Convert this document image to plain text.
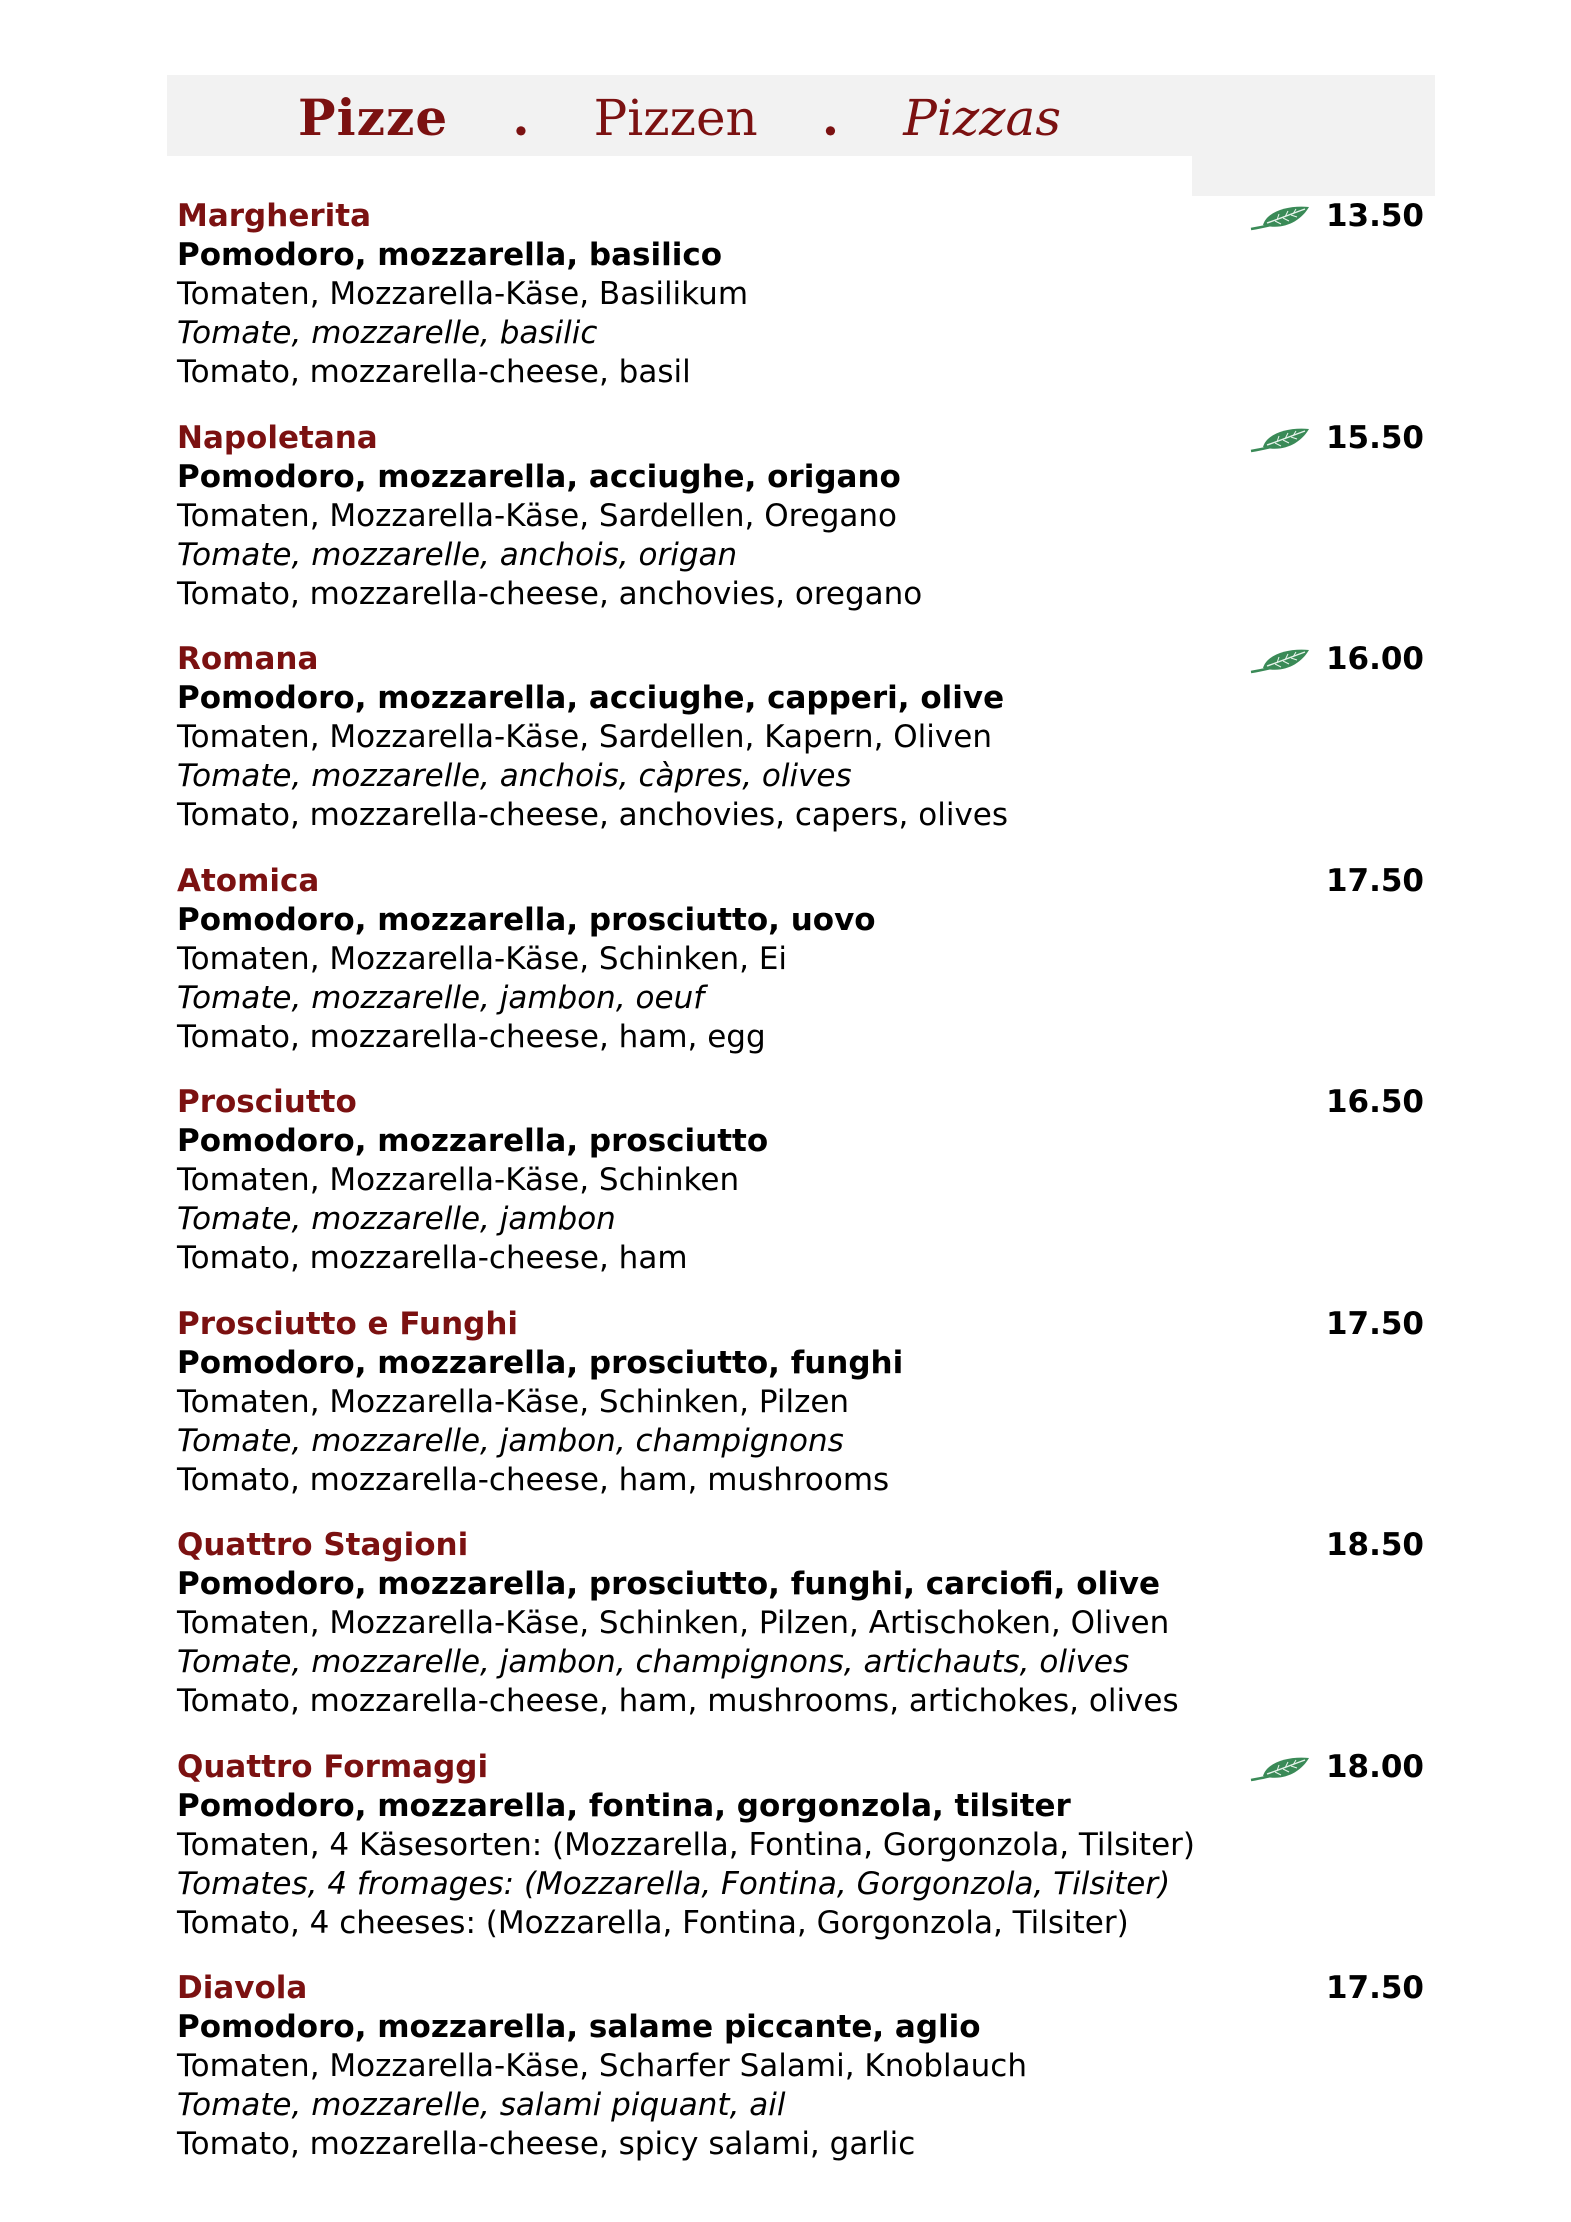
Pizze . Pizzen . Pizzas
Margherita
Pomodoro, mozzarella, basilico
Tomaten, Mozzarella-Käse, Basilikum
Tomate, mozzarelle, basilic
Tomato, mozzarella-cheese, basil
13.50
Napoletana
Pomodoro, mozzarella, acciughe, origano
Tomaten, Mozzarella-Käse, Sardellen, Oregano
Tomate, mozzarelle, anchois, origan
Tomato, mozzarella-cheese, anchovies, oregano
15.50
Romana
Pomodoro, mozzarella, acciughe, capperi, olive
Tomaten, Mozzarella-Käse, Sardellen, Kapern, Oliven
Tomate, mozzarelle, anchois, càpres, olives
Tomato, mozzarella-cheese, anchovies, capers, olives
16.00
Atomica
Pomodoro, mozzarella, prosciutto, uovo
Tomaten, Mozzarella-Käse, Schinken, Ei
Tomate, mozzarelle, jambon, oeuf
Tomato, mozzarella-cheese, ham, egg
17.50
Prosciutto
Pomodoro, mozzarella, prosciutto
Tomaten, Mozzarella-Käse, Schinken
Tomate, mozzarelle, jambon
Tomato, mozzarella-cheese, ham
16.50
Prosciutto e Funghi
Pomodoro, mozzarella, prosciutto, funghi
Tomaten, Mozzarella-Käse, Schinken, Pilzen
Tomate, mozzarelle, jambon, champignons
Tomato, mozzarella-cheese, ham, mushrooms
17.50
Quattro Stagioni
Pomodoro, mozzarella, prosciutto, funghi, carciofi, olive
Tomaten, Mozzarella-Käse, Schinken, Pilzen, Artischoken, Oliven
Tomate, mozzarelle, jambon, champignons, artichauts, olives
Tomato, mozzarella-cheese, ham, mushrooms, artichokes, olives
18.50
Quattro Formaggi
Pomodoro, mozzarella, fontina, gorgonzola, tilsiter
Tomaten, 4 Käsesorten: (Mozzarella, Fontina, Gorgonzola, Tilsiter)
Tomates, 4 fromages: (Mozzarella, Fontina, Gorgonzola, Tilsiter)
Tomato, 4 cheeses: (Mozzarella, Fontina, Gorgonzola, Tilsiter)
18.00
Diavola
Pomodoro, mozzarella, salame piccante, aglio
Tomaten, Mozzarella-Käse, Scharfer Salami, Knoblauch
Tomate, mozzarelle, salami piquant, ail
Tomato, mozzarella-cheese, spicy salami, garlic
17.50
